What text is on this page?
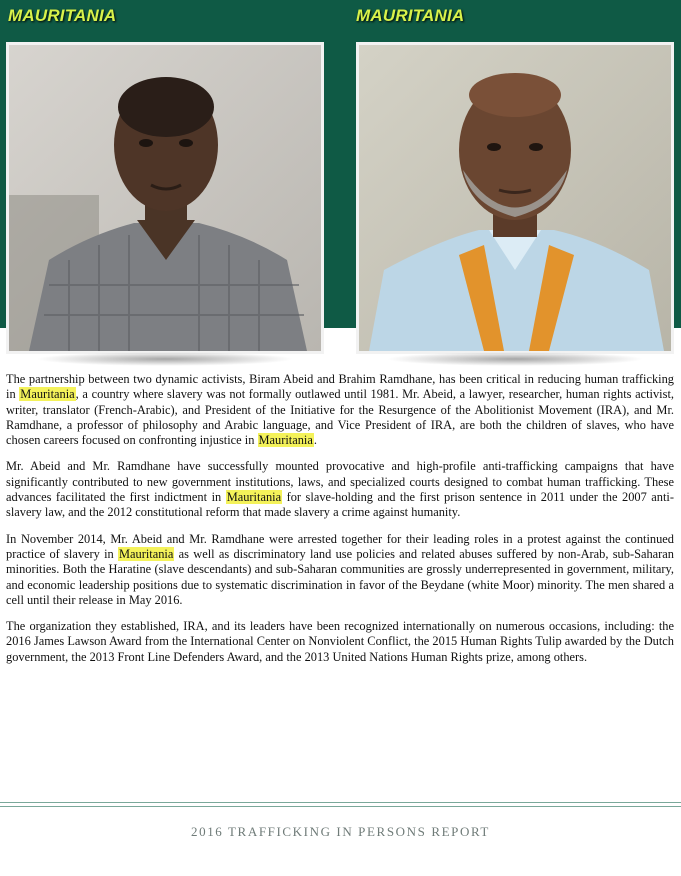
MAURITANIA	MAURITANIA

The partnership between two dynamic activists, Biram Abeid and Brahim Ramdhane, has been critical in reducing human trafficking in Mauritania, a country where slavery was not formally outlawed until 1981. Mr. Abeid, a lawyer, researcher, human rights activist, writer, translator (French-Arabic), and President of the Initiative for the Resurgence of the Abolitionist Movement (IRA), and Mr. Ramdhane, a professor of philosophy and Arabic language, and Vice President of IRA, are both the children of slaves, who have chosen careers focused on confronting injustice in Mauritania.

Mr. Abeid and Mr. Ramdhane have successfully mounted provocative and high-profile anti-trafficking campaigns that have significantly contributed to new government institutions, laws, and specialized courts designed to combat human trafficking. These advances facilitated the first indictment in Mauritania for slave-holding and the first prison sentence in 2011 under the 2007 anti-slavery law, and the 2012 constitutional reform that made slavery a crime against humanity.

In November 2014, Mr. Abeid and Mr. Ramdhane were arrested together for their leading roles in a protest against the continued practice of slavery in Mauritania as well as discriminatory land use policies and related abuses suffered by non-Arab, sub-Saharan minorities. Both the Haratine (slave descendants) and sub-Saharan communities are grossly underrepresented in government, military, and economic leadership positions due to systematic discrimination in favor of the Beydane (white Moor) minority. The men shared a cell until their release in May 2016.

The organization they established, IRA, and its leaders have been recognized internationally on numerous occasions, including: the 2016 James Lawson Award from the International Center on Nonviolent Conflict, the 2015 Human Rights Tulip awarded by the Dutch government, the 2013 Front Line Defenders Award, and the 2013 United Nations Human Rights prize, among others.

2016 TRAFFICKING IN PERSONS REPORT
